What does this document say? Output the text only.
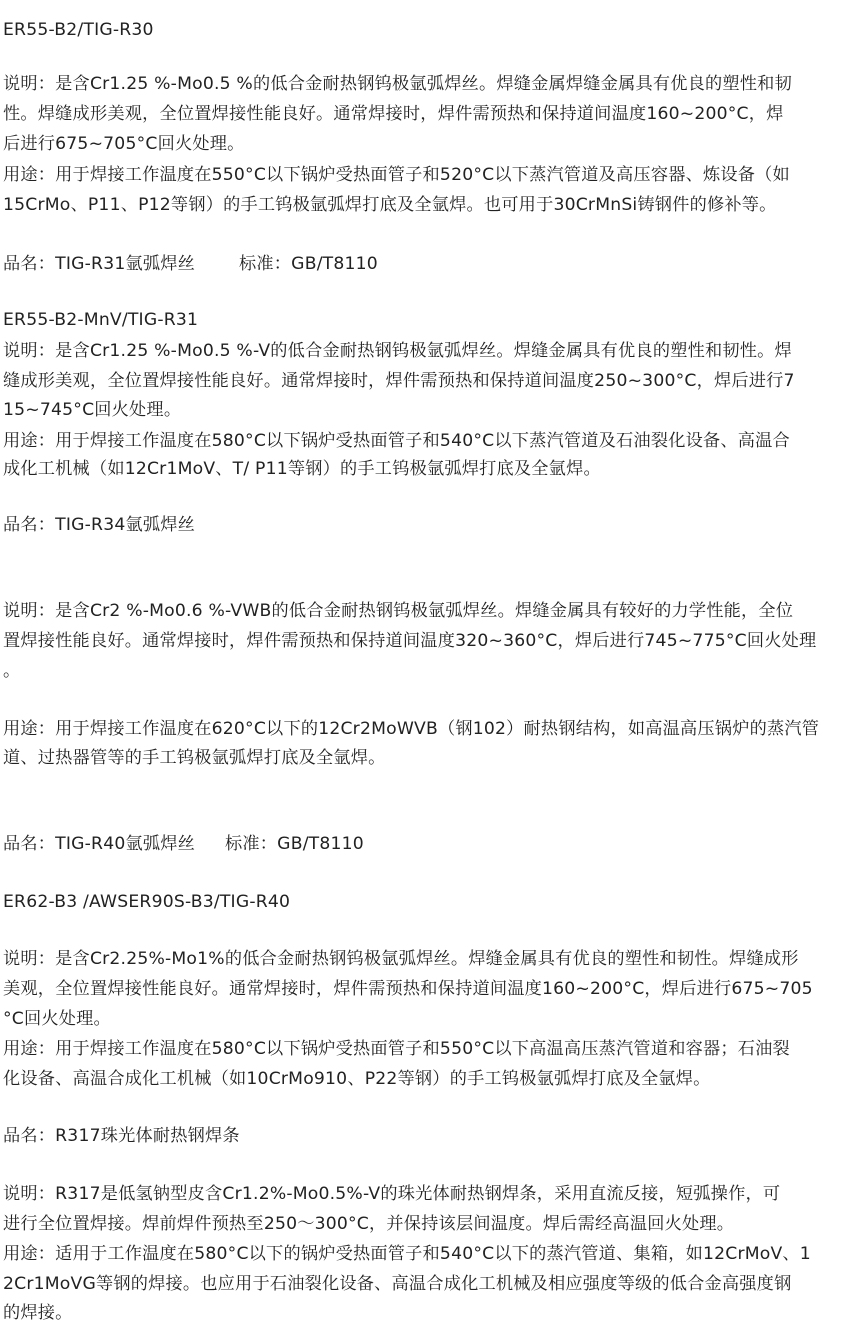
ER55-B2/TIG-R30
说明：是含Cr1.25 %-Mo0.5 %的低合金耐热钢钨极氩弧焊丝。焊缝金属焊缝金属具有优良的塑性和韧
性。焊缝成形美观，全位置焊接性能良好。通常焊接时，焊件需预热和保持道间温度160~200°C，焊
后进行675~705°C回火处理。
用途：用于焊接工作温度在550°C以下锅炉受热面管子和520°C以下蒸汽管道及高压容器、炼设备（如
15CrMo、P11、P12等钢）的手工钨极氩弧焊打底及全氩焊。也可用于30CrMnSi铸钢件的修补等。
品名：TIG-R31氩弧焊丝	标准：GB/T8110
ER55-B2-MnV/TIG-R31
说明：是含Cr1.25 %-Mo0.5 %-V的低合金耐热钢钨极氩弧焊丝。焊缝金属具有优良的塑性和韧性。焊
缝成形美观，全位置焊接性能良好。通常焊接时，焊件需预热和保持道间温度250~300°C，焊后进行7
15~745°C回火处理。
用途：用于焊接工作温度在580°C以下锅炉受热面管子和540°C以下蒸汽管道及石油裂化设备、高温合
成化工机械（如12Cr1MoV、T/ P11等钢）的手工钨极氩弧焊打底及全氩焊。
品名：TIG-R34氩弧焊丝
说明：是含Cr2 %-Mo0.6 %-VWB的低合金耐热钢钨极氩弧焊丝。焊缝金属具有较好的力学性能，全位
置焊接性能良好。通常焊接时，焊件需预热和保持道间温度320~360°C，焊后进行745~775°C回火处理
。
用途：用于焊接工作温度在620°C以下的12Cr2MoWVB（钢102）耐热钢结构，如高温高压锅炉的蒸汽管
道、过热器管等的手工钨极氩弧焊打底及全氩焊。
品名：TIG-R40氩弧焊丝 标准：GB/T8110
ER62-B3 /AWSER90S-B3/TIG-R40
说明：是含Cr2.25%-Mo1%的低合金耐热钢钨极氩弧焊丝。焊缝金属具有优良的塑性和韧性。焊缝成形
美观，全位置焊接性能良好。通常焊接时，焊件需预热和保持道间温度160~200°C，焊后进行675~705
°C回火处理。
用途：用于焊接工作温度在580°C以下锅炉受热面管子和550°C以下高温高压蒸汽管道和容器；石油裂
化设备、高温合成化工机械（如10CrMo910、P22等钢）的手工钨极氩弧焊打底及全氩焊。
品名：R317珠光体耐热钢焊条
说明：R317是低氢钠型皮含Cr1.2%-Mo0.5%-V的珠光体耐热钢焊条，采用直流反接，短弧操作，可
进行全位置焊接。焊前焊件预热至250～300°C，并保持该层间温度。焊后需经高温回火处理。
用途：适用于工作温度在580°C以下的锅炉受热面管子和540°C以下的蒸汽管道、集箱，如12CrMoV、1
2Cr1MoVG等钢的焊接。也应用于石油裂化设备、高温合成化工机械及相应强度等级的低合金高强度钢
的焊接。
